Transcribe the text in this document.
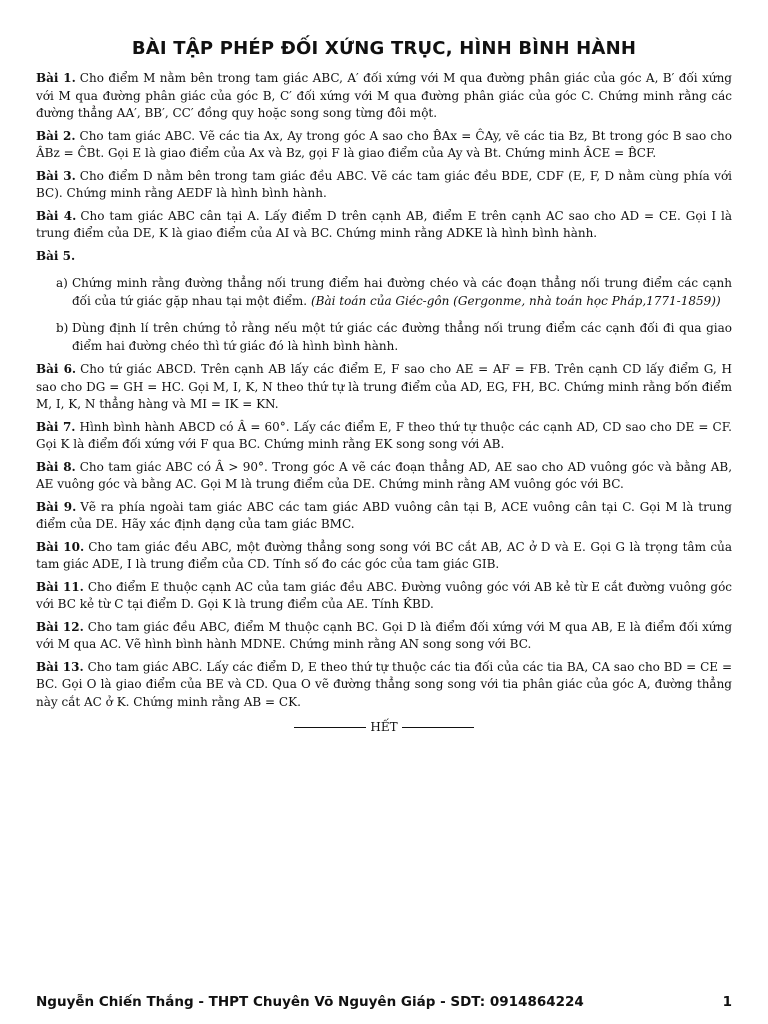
BÀI TẬP PHÉP ĐỐI XỨNG TRỤC, HÌNH BÌNH HÀNH

Bài 1. Cho điểm M nằm bên trong tam giác ABC, A′ đối xứng với M qua đường phân giác của góc A, B′ đối xứng với M qua đường phân giác của góc B, C′ đối xứng với M qua đường phân giác của góc C. Chứng minh rằng các đường thẳng AA′, BB′, CC′ đồng quy hoặc song song từng đôi một.

Bài 2. Cho tam giác ABC. Vẽ các tia Ax, Ay trong góc A sao cho B̂Ax = ĈAy, vẽ các tia Bz, Bt trong góc B sao cho ÂBz = ĈBt. Gọi E là giao điểm của Ax và Bz, gọi F là giao điểm của Ay và Bt. Chứng minh ÂCE = B̂CF.

Bài 3. Cho điểm D nằm bên trong tam giác đều ABC. Vẽ các tam giác đều BDE, CDF (E, F, D nằm cùng phía với BC). Chứng minh rằng AEDF là hình bình hành.

Bài 4. Cho tam giác ABC cân tại A. Lấy điểm D trên cạnh AB, điểm E trên cạnh AC sao cho AD = CE. Gọi I là trung điểm của DE, K là giao điểm của AI và BC. Chứng minh rằng ADKE là hình bình hành.

Bài 5.
a) Chứng minh rằng đường thẳng nối trung điểm hai đường chéo và các đoạn thẳng nối trung điểm các cạnh đối của tứ giác gặp nhau tại một điểm. (Bài toán của Giéc-gôn (Gergonme, nhà toán học Pháp,1771-1859))
b) Dùng định lí trên chứng tỏ rằng nếu một tứ giác các đường thẳng nối trung điểm các cạnh đối đi qua giao điểm hai đường chéo thì tứ giác đó là hình bình hành.

Bài 6. Cho tứ giác ABCD. Trên cạnh AB lấy các điểm E, F sao cho AE = AF = FB. Trên cạnh CD lấy điểm G, H sao cho DG = GH = HC. Gọi M, I, K, N theo thứ tự là trung điểm của AD, EG, FH, BC. Chứng minh rằng bốn điểm M, I, K, N thẳng hàng và MI = IK = KN.

Bài 7. Hình bình hành ABCD có Â = 60°. Lấy các điểm E, F theo thứ tự thuộc các cạnh AD, CD sao cho DE = CF. Gọi K là điểm đối xứng với F qua BC. Chứng minh rằng EK song song với AB.

Bài 8. Cho tam giác ABC có Â > 90°. Trong góc A vẽ các đoạn thẳng AD, AE sao cho AD vuông góc và bằng AB, AE vuông góc và bằng AC. Gọi M là trung điểm của DE. Chứng minh rằng AM vuông góc với BC.

Bài 9. Vẽ ra phía ngoài tam giác ABC các tam giác ABD vuông cân tại B, ACE vuông cân tại C. Gọi M là trung điểm của DE. Hãy xác định dạng của tam giác BMC.

Bài 10. Cho tam giác đều ABC, một đường thẳng song song với BC cắt AB, AC ở D và E. Gọi G là trọng tâm của tam giác ADE, I là trung điểm của CD. Tính số đo các góc của tam giác GIB.

Bài 11. Cho điểm E thuộc cạnh AC của tam giác đều ABC. Đường vuông góc với AB kẻ từ E cắt đường vuông góc với BC kẻ từ C tại điểm D. Gọi K là trung điểm của AE. Tính K̂BD.

Bài 12. Cho tam giác đều ABC, điểm M thuộc cạnh BC. Gọi D là điểm đối xứng với M qua AB, E là điểm đối xứng với M qua AC. Vẽ hình bình hành MDNE. Chứng minh rằng AN song song với BC.

Bài 13. Cho tam giác ABC. Lấy các điểm D, E theo thứ tự thuộc các tia đối của các tia BA, CA sao cho BD = CE = BC. Gọi O là giao điểm của BE và CD. Qua O vẽ đường thẳng song song với tia phân giác của góc A, đường thẳng này cắt AC ở K. Chứng minh rằng AB = CK.

HẾT
Nguyễn Chiến Thắng - THPT Chuyên Võ Nguyên Giáp - SDT: 0914864224	1
